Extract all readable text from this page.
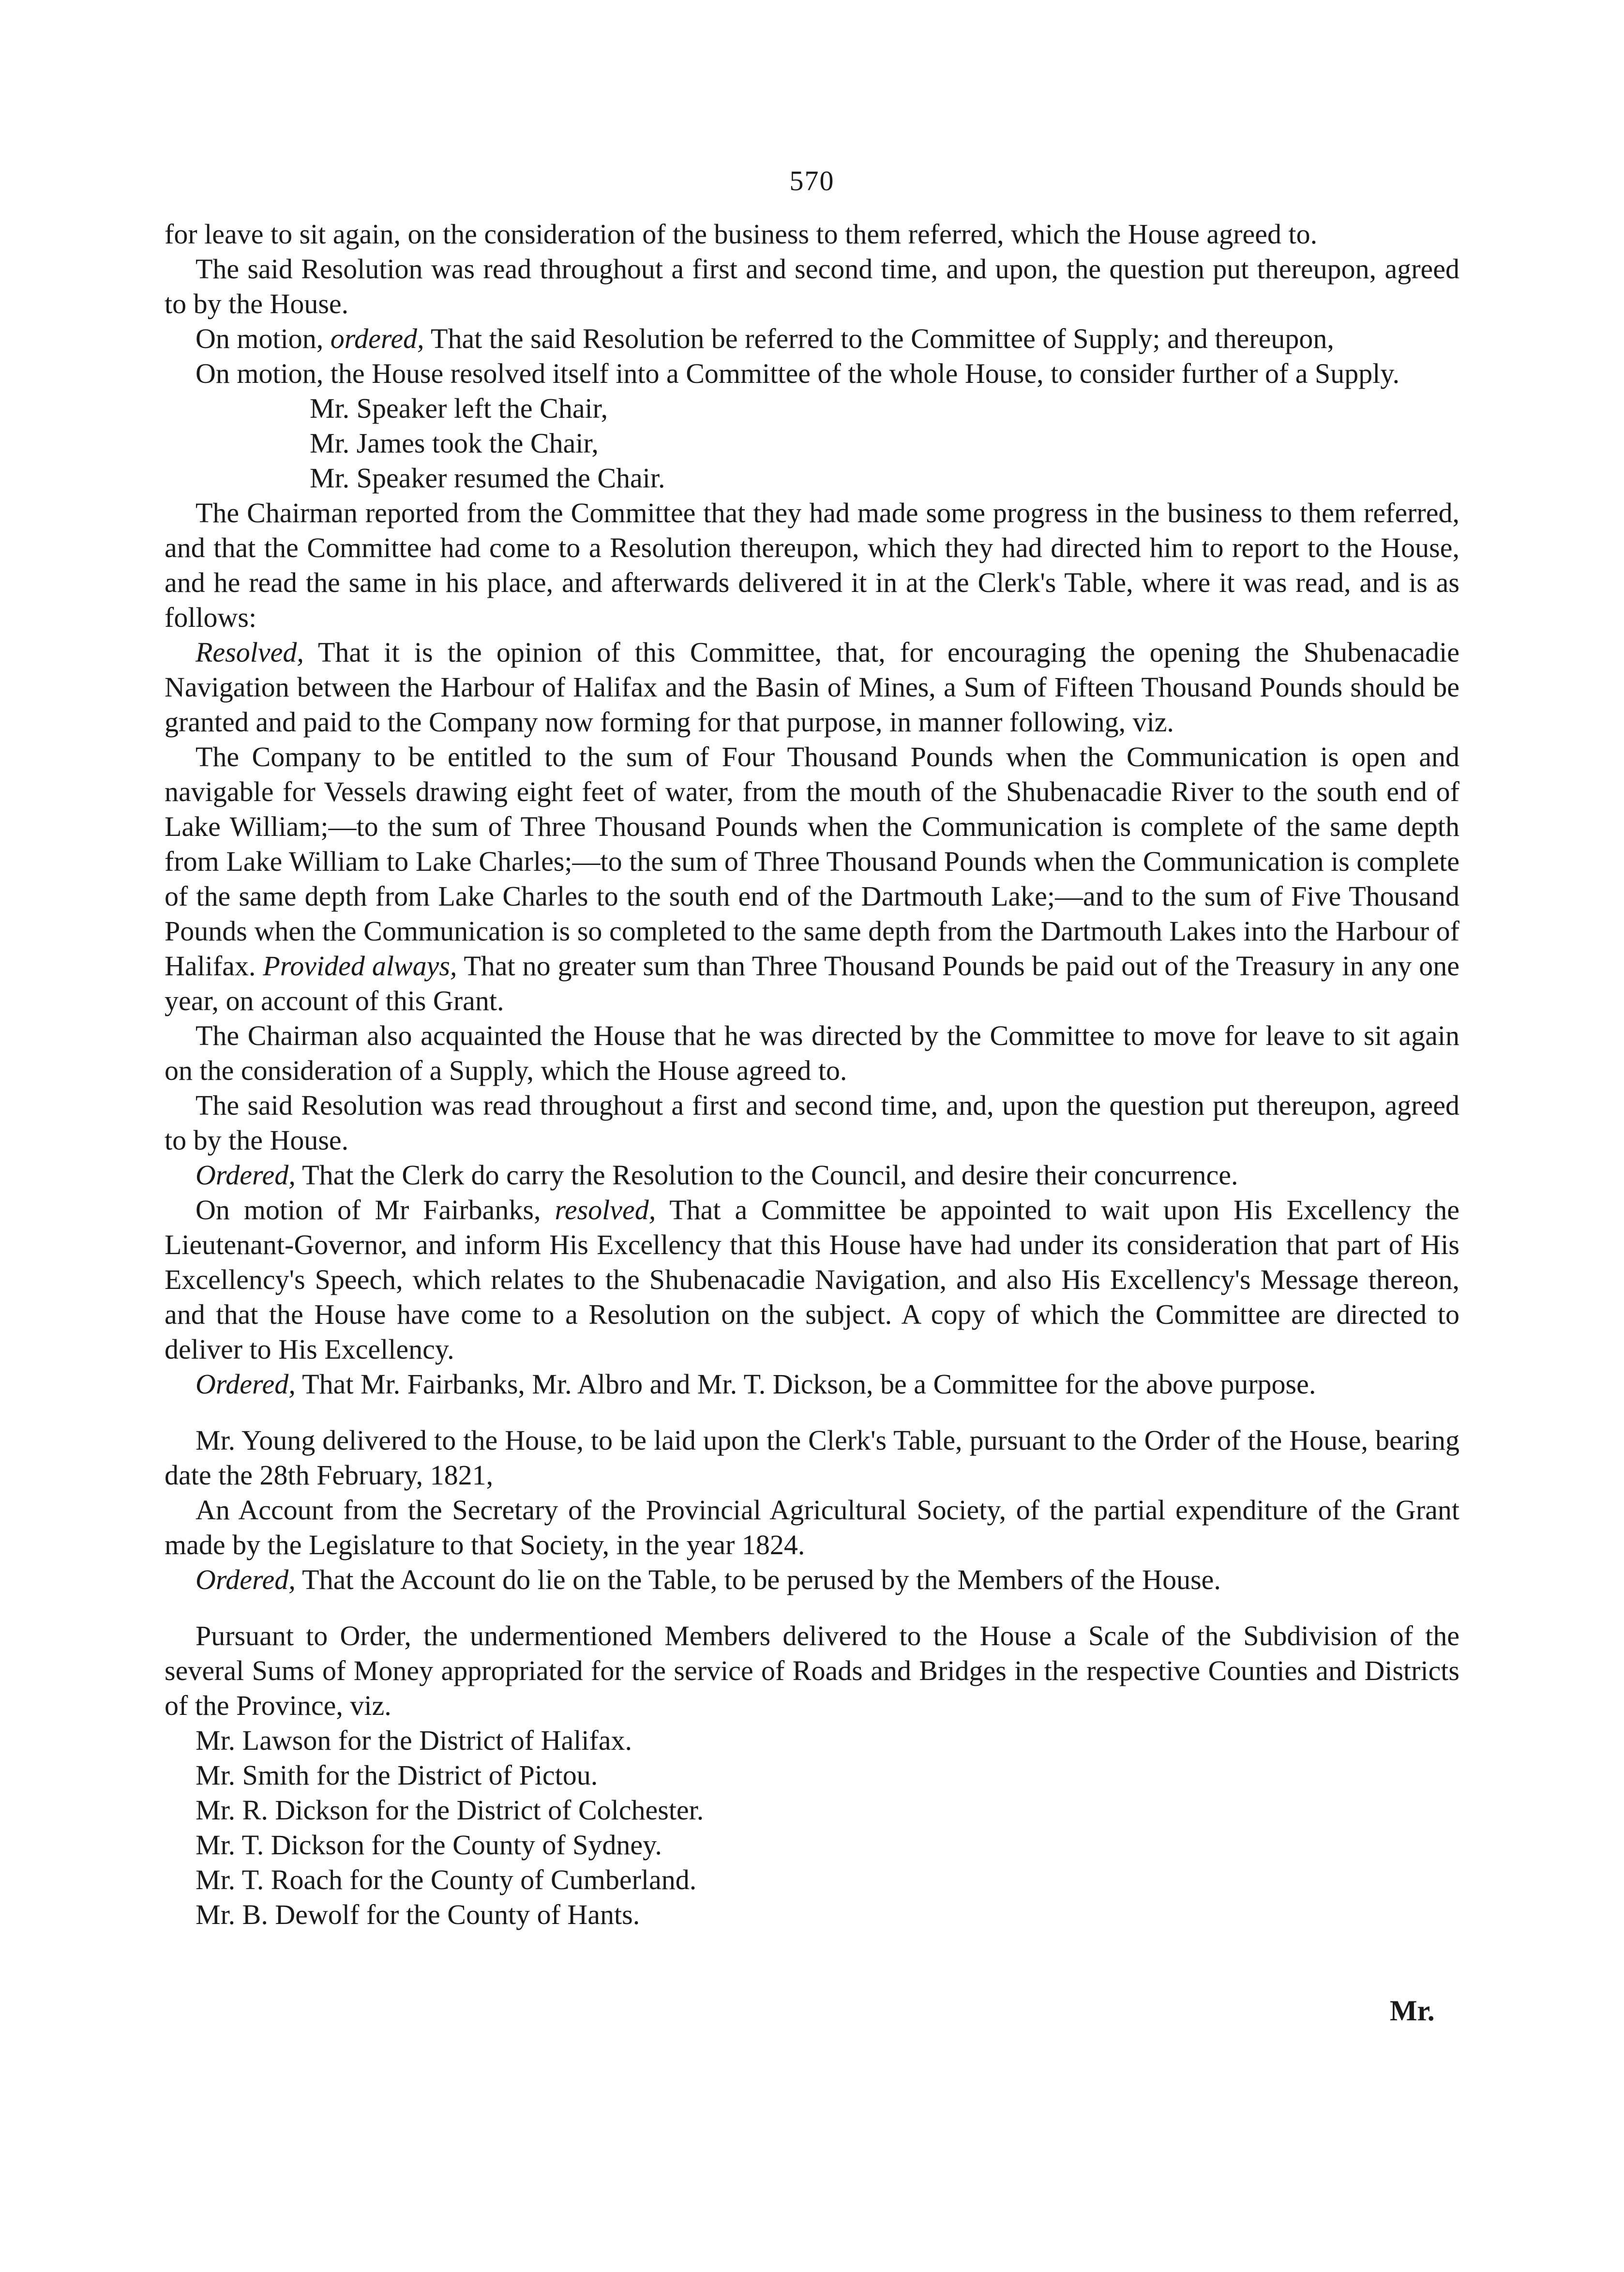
570

for leave to sit again, on the consideration of the business to them referred, which the House agreed to.

The said Resolution was read throughout a first and second time, and upon, the question put thereupon, agreed to by the House.

On motion, ordered, That the said Resolution be referred to the Committee of Supply; and thereupon,

On motion, the House resolved itself into a Committee of the whole House, to consider further of a Supply.

Mr. Speaker left the Chair,

Mr. James took the Chair,

Mr. Speaker resumed the Chair.

The Chairman reported from the Committee that they had made some progress in the business to them referred, and that the Committee had come to a Resolution thereupon, which they had directed him to report to the House, and he read the same in his place, and afterwards delivered it in at the Clerk's Table, where it was read, and is as follows:

Resolved, That it is the opinion of this Committee, that, for encouraging the opening the Shubenacadie Navigation between the Harbour of Halifax and the Basin of Mines, a Sum of Fifteen Thousand Pounds should be granted and paid to the Company now forming for that purpose, in manner following, viz.

The Company to be entitled to the sum of Four Thousand Pounds when the Communication is open and navigable for Vessels drawing eight feet of water, from the mouth of the Shubenacadie River to the south end of Lake William;—to the sum of Three Thousand Pounds when the Communication is complete of the same depth from Lake William to Lake Charles;—to the sum of Three Thousand Pounds when the Communication is complete of the same depth from Lake Charles to the south end of the Dartmouth Lake;—and to the sum of Five Thousand Pounds when the Communication is so completed to the same depth from the Dartmouth Lakes into the Harbour of Halifax. Provided always, That no greater sum than Three Thousand Pounds be paid out of the Treasury in any one year, on account of this Grant.

The Chairman also acquainted the House that he was directed by the Committee to move for leave to sit again on the consideration of a Supply, which the House agreed to.

The said Resolution was read throughout a first and second time, and, upon the question put thereupon, agreed to by the House.

Ordered, That the Clerk do carry the Resolution to the Council, and desire their concurrence.

On motion of Mr Fairbanks, resolved, That a Committee be appointed to wait upon His Excellency the Lieutenant-Governor, and inform His Excellency that this House have had under its consideration that part of His Excellency's Speech, which relates to the Shubenacadie Navigation, and also His Excellency's Message thereon, and that the House have come to a Resolution on the subject. A copy of which the Committee are directed to deliver to His Excellency.

Ordered, That Mr. Fairbanks, Mr. Albro and Mr. T. Dickson, be a Committee for the above purpose.

Mr. Young delivered to the House, to be laid upon the Clerk's Table, pursuant to the Order of the House, bearing date the 28th February, 1821,

An Account from the Secretary of the Provincial Agricultural Society, of the partial expenditure of the Grant made by the Legislature to that Society, in the year 1824.

Ordered, That the Account do lie on the Table, to be perused by the Members of the House.

Pursuant to Order, the undermentioned Members delivered to the House a Scale of the Subdivision of the several Sums of Money appropriated for the service of Roads and Bridges in the respective Counties and Districts of the Province, viz.

Mr. Lawson for the District of Halifax.

Mr. Smith for the District of Pictou.

Mr. R. Dickson for the District of Colchester.

Mr. T. Dickson for the County of Sydney.

Mr. T. Roach for the County of Cumberland.

Mr. B. Dewolf for the County of Hants.

Mr.
